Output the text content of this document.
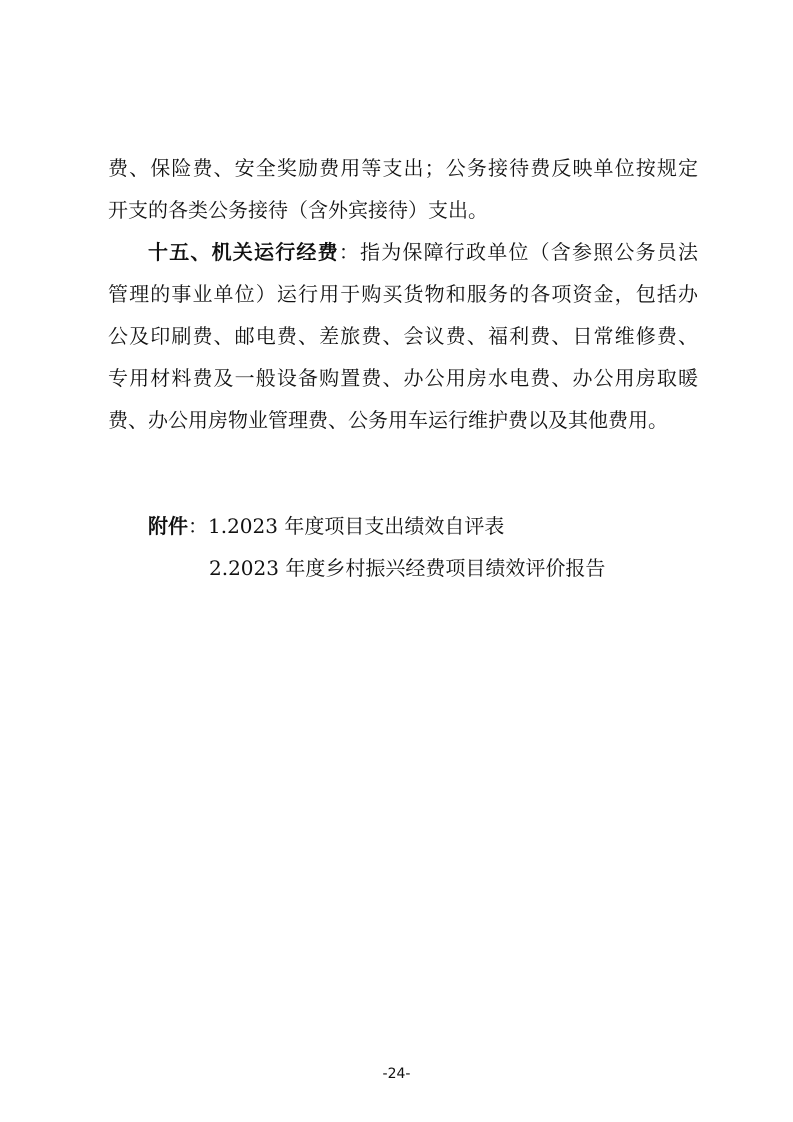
费、保险费、安全奖励费用等支出；公务接待费反映单位按规定
开支的各类公务接待（含外宾接待）支出。
十五、机关运行经费：指为保障行政单位（含参照公务员法
管理的事业单位）运行用于购买货物和服务的各项资金，包括办
公及印刷费、邮电费、差旅费、会议费、福利费、日常维修费、
专用材料费及一般设备购置费、办公用房水电费、办公用房取暖
费、办公用房物业管理费、公务用车运行维护费以及其他费用。
附件：1.2023 年度项目支出绩效自评表
2.2023 年度乡村振兴经费项目绩效评价报告
-24-
